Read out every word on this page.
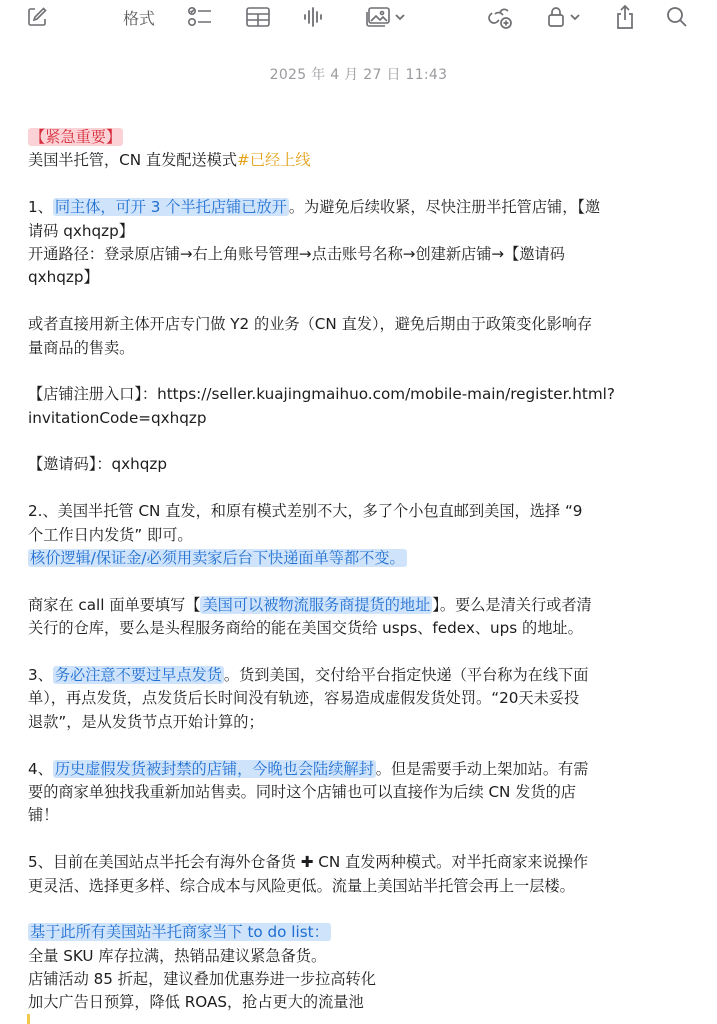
格式
2025 年 4 月 27 日 11:43
【紧急重要】
美国半托管，CN 直发配送模式#已经上线
1、 同主体，可开 3 个半托店铺已放开 。为避免后续收紧，尽快注册半托管店铺，【邀
请码 qxhqzp】
开通路径：登录原店铺→右上角账号管理→点击账号名称→创建新店铺→【邀请码
qxhqzp】
或者直接用新主体开店专门做 Y2 的业务（CN 直发），避免后期由于政策变化影响存
量商品的售卖。
【店铺注册入口】：https://seller.kuajingmaihuo.com/mobile-main/register.html?
invitationCode=qxhqzp
【邀请码】：qxhqzp
2.、美国半托管 CN 直发，和原有模式差别不大，多了个小包直邮到美国，选择 “9
个工作日内发货” 即可。
核价逻辑/保证金/必须用卖家后台下快递面单等都不变。
商家在 call 面单要填写【 美国可以被物流服务商提货的地址 】。要么是清关行或者清
关行的仓库，要么是头程服务商给的能在美国交货给 usps、fedex、ups 的地址。
3、 务必注意不要过早点发货 。货到美国，交付给平台指定快递（平台称为在线下面
单），再点发货，点发货后长时间没有轨迹，容易造成虚假发货处罚。“20天未妥投
退款”，是从发货节点开始计算的；
4、 历史虚假发货被封禁的店铺，今晚也会陆续解封 。但是需要手动上架加站。有需
要的商家单独找我重新加站售卖。同时这个店铺也可以直接作为后续 CN 发货的店
铺！
5、目前在美国站点半托会有海外仓备货 ✚ CN 直发两种模式。对半托商家来说操作
更灵活、选择更多样、综合成本与风险更低。流量上美国站半托管会再上一层楼。
基于此所有美国站半托商家当下 to do list：
全量 SKU 库存拉满，热销品建议紧急备货。
店铺活动 85 折起，建议叠加优惠券进一步拉高转化
加大广告日预算，降低 ROAS，抢占更大的流量池
